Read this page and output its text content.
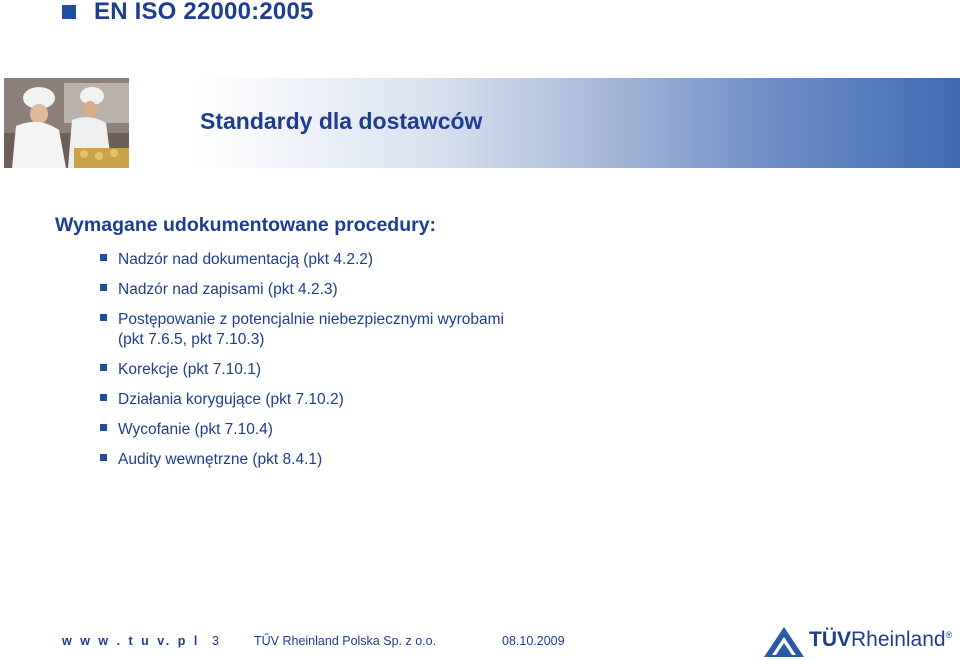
EN ISO 22000:2005
Standardy dla dostawców
Wymagane udokumentowane procedury:
Nadzór nad dokumentacją (pkt 4.2.2)
Nadzór nad zapisami (pkt 4.2.3)
Postępowanie z potencjalnie niebezpiecznymi wyrobami
(pkt 7.6.5, pkt 7.10.3)
Korekcje (pkt 7.10.1)
Działania korygujące (pkt 7.10.2)
Wycofanie (pkt 7.10.4)
Audity wewnętrzne (pkt 8.4.1)
w w w . t u v. p l 3	TŰV Rheinland Polska Sp. z o.o.	08.10.2009	TÜVRheinland®
